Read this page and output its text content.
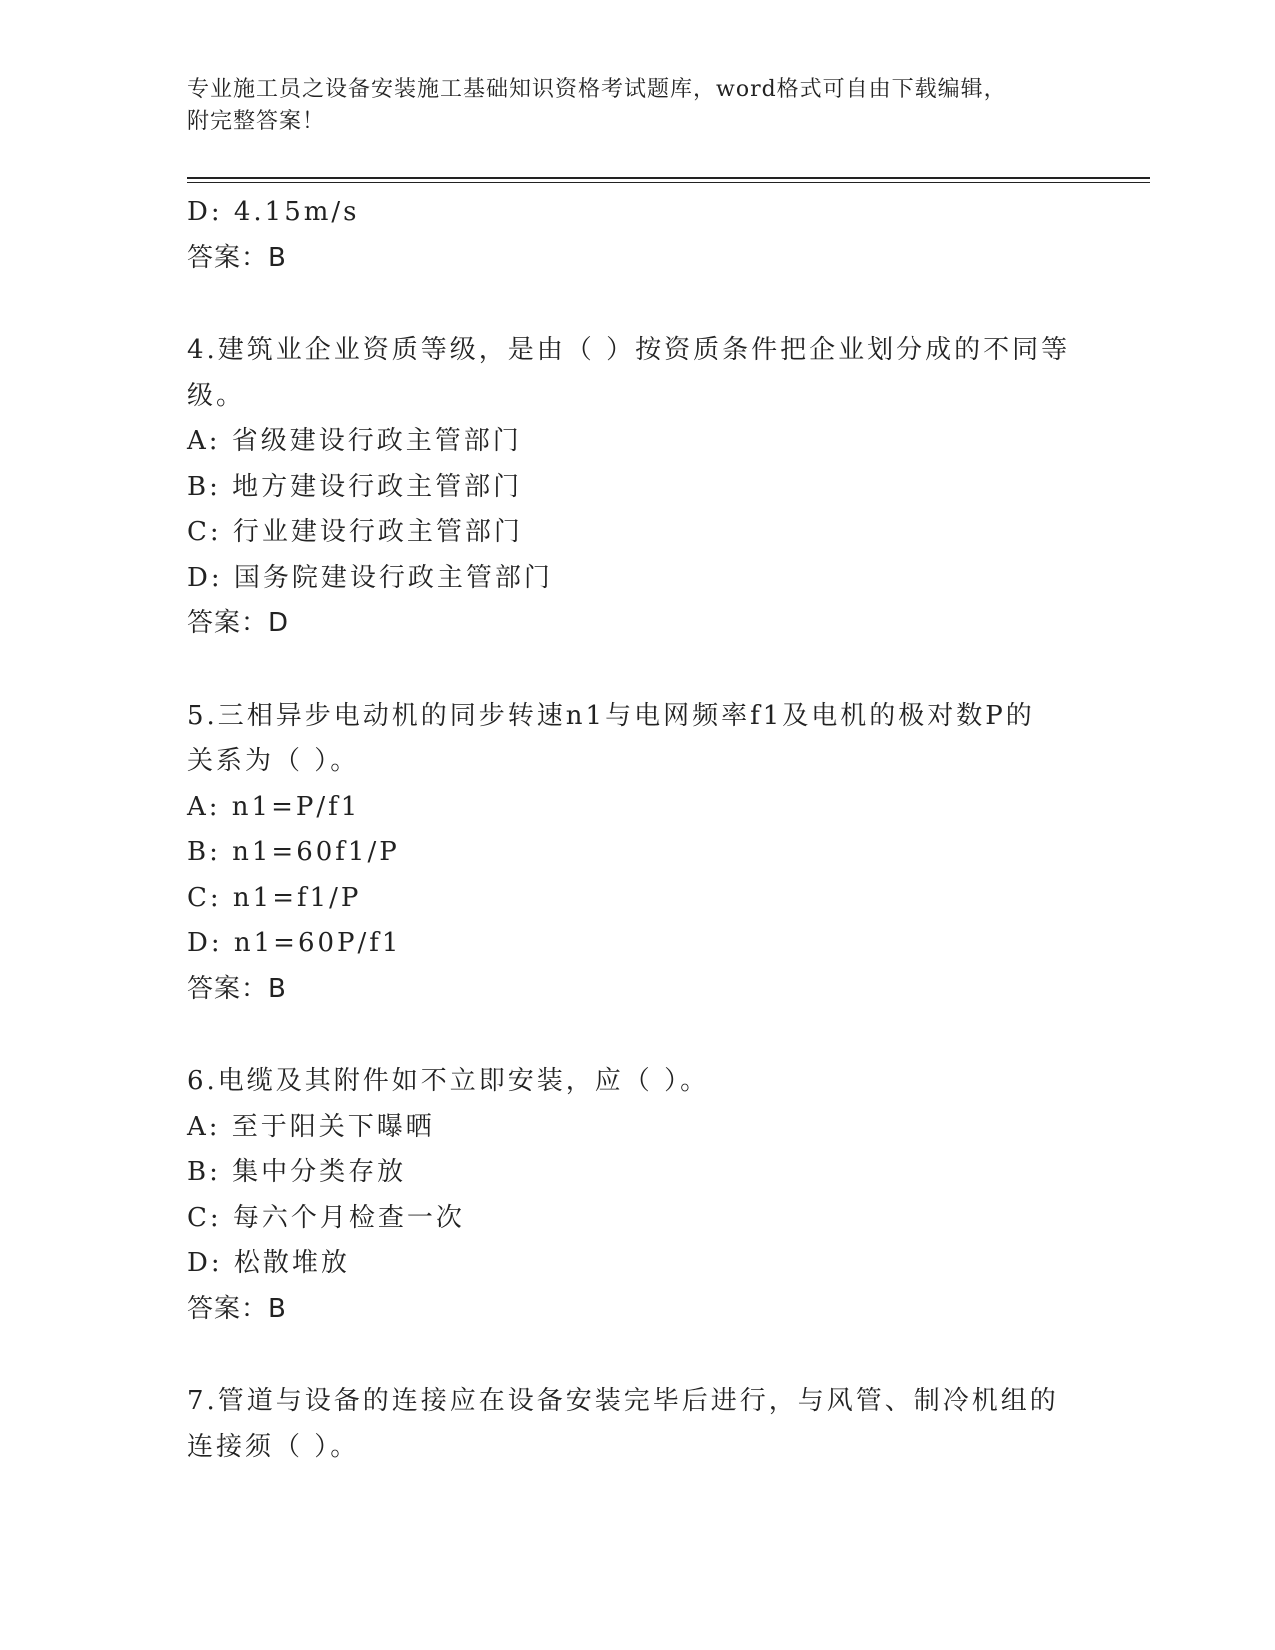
专业施工员之设备安装施工基础知识资格考试题库，word格式可自由下载编辑，
附完整答案！
D: 4.15m/s
答案：B
4.建筑业企业资质等级，是由（ ）按资质条件把企业划分成的不同等
级。
A: 省级建设行政主管部门
B: 地方建设行政主管部门
C: 行业建设行政主管部门
D: 国务院建设行政主管部门
答案：D
5.三相异步电动机的同步转速n1与电网频率f1及电机的极对数P的
关系为（ ）。
A: n1=P/f1
B: n1=60f1/P
C: n1=f1/P
D: n1=60P/f1
答案：B
6.电缆及其附件如不立即安装，应（ ）。
A: 至于阳关下曝晒
B: 集中分类存放
C: 每六个月检查一次
D: 松散堆放
答案：B
7.管道与设备的连接应在设备安装完毕后进行，与风管、制冷机组的
连接须（ ）。
